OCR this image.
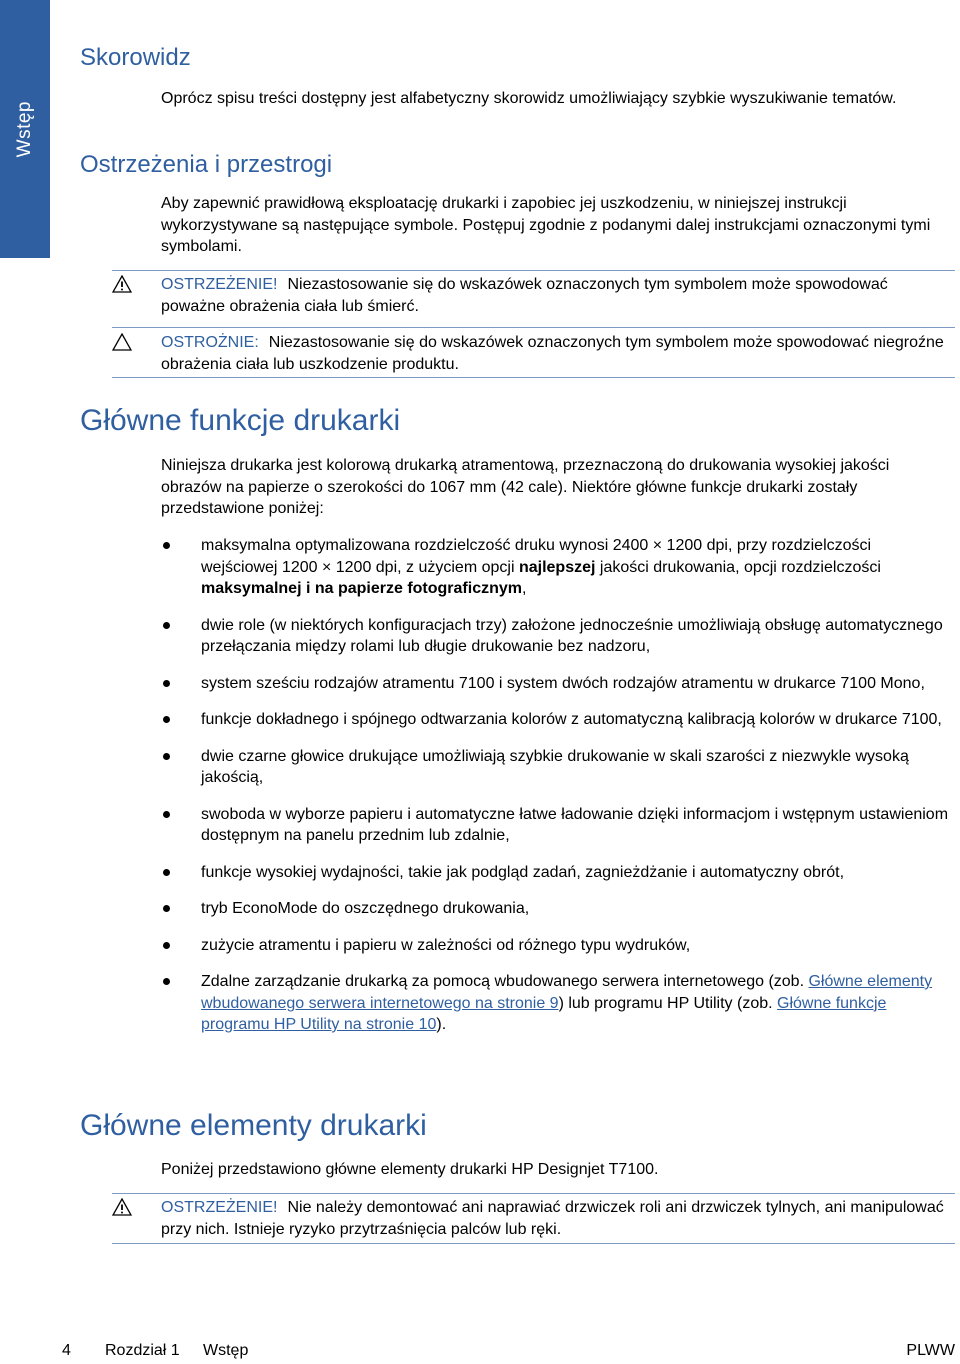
Wstęp
Skorowidz

Oprócz spisu treści dostępny jest alfabetyczny skorowidz umożliwiający szybkie wyszukiwanie tematów.

Ostrzeżenia i przestrogi

Aby zapewnić prawidłową eksploatację drukarki i zapobiec jej uszkodzeniu, w niniejszej instrukcji wykorzystywane są następujące symbole. Postępuj zgodnie z podanymi dalej instrukcjami oznaczonymi tymi symbolami.

OSTRZEŻENIE! Niezastosowanie się do wskazówek oznaczonych tym symbolem może spowodować poważne obrażenia ciała lub śmierć.
OSTROŻNIE: Niezastosowanie się do wskazówek oznaczonych tym symbolem może spowodować niegroźne obrażenia ciała lub uszkodzenie produktu.
Główne funkcje drukarki

Niniejsza drukarka jest kolorową drukarką atramentową, przeznaczoną do drukowania wysokiej jakości obrazów na papierze o szerokości do 1067 mm (42 cale). Niektóre główne funkcje drukarki zostały przedstawione poniżej:

maksymalna optymalizowana rozdzielczość druku wynosi 2400 × 1200 dpi, przy rozdzielczości wejściowej 1200 × 1200 dpi, z użyciem opcji najlepszej jakości drukowania, opcji rozdzielczości maksymalnej i na papierze fotograficznym,
dwie role (w niektórych konfiguracjach trzy) założone jednocześnie umożliwiają obsługę automatycznego przełączania między rolami lub długie drukowanie bez nadzoru,
system sześciu rodzajów atramentu 7100 i system dwóch rodzajów atramentu w drukarce 7100 Mono,
funkcje dokładnego i spójnego odtwarzania kolorów z automatyczną kalibracją kolorów w drukarce 7100,
dwie czarne głowice drukujące umożliwiają szybkie drukowanie w skali szarości z niezwykle wysoką jakością,
swoboda w wyborze papieru i automatyczne łatwe ładowanie dzięki informacjom i wstępnym ustawieniom dostępnym na panelu przednim lub zdalnie,
funkcje wysokiej wydajności, takie jak podgląd zadań, zagnieżdżanie i automatyczny obrót,
tryb EconoMode do oszczędnego drukowania,
zużycie atramentu i papieru w zależności od różnego typu wydruków,
Zdalne zarządzanie drukarką za pomocą wbudowanego serwera internetowego (zob. Główne elementy wbudowanego serwera internetowego na stronie 9) lub programu HP Utility (zob. Główne funkcje programu HP Utility na stronie 10).
Główne elementy drukarki

Poniżej przedstawiono główne elementy drukarki HP Designjet T7100.

OSTRZEŻENIE! Nie należy demontować ani naprawiać drzwiczek roli ani drzwiczek tylnych, ani manipulować przy nich. Istnieje ryzyko przytrzaśnięcia palców lub ręki.
4 Rozdział 1 Wstęp	PLWW
